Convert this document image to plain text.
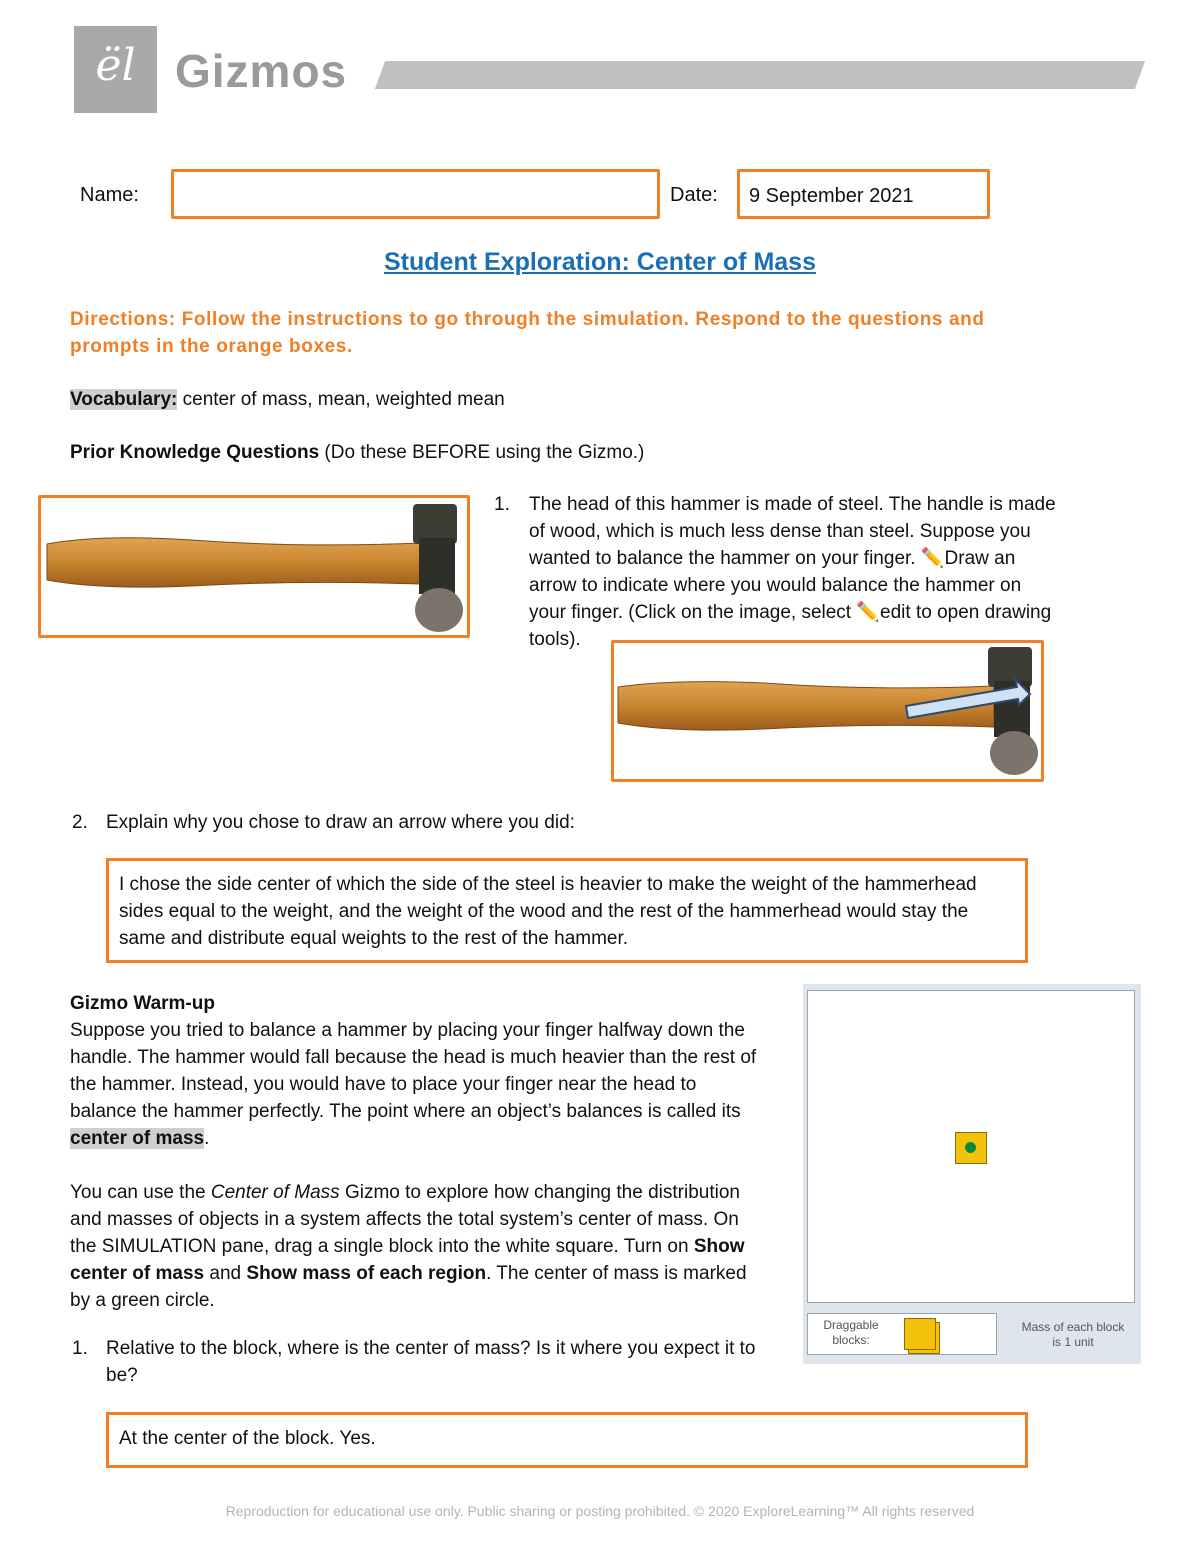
ël Gizmos
Name:	Date: 9 September 2021
Student Exploration: Center of Mass
Directions: Follow the instructions to go through the simulation. Respond to the questions and prompts in the orange boxes.
Vocabulary: center of mass, mean, weighted mean
Prior Knowledge Questions (Do these BEFORE using the Gizmo.)
1. The head of this hammer is made of steel. The handle is made
of wood, which is much less dense than steel. Suppose you
wanted to balance the hammer on your finger. ✏️Draw an
arrow to indicate where you would balance the hammer on
your finger. (Click on the image, select ✏️edit to open drawing
tools).
2. Explain why you chose to draw an arrow where you did:
I chose the side center of which the side of the steel is heavier to make the weight of the hammerhead sides equal to the weight, and the weight of the wood and the rest of the hammerhead would stay the same and distribute equal weights to the rest of the hammer.
Gizmo Warm-up
Suppose you tried to balance a hammer by placing your finger halfway down the handle. The hammer would fall because the head is much heavier than the rest of the hammer. Instead, you would have to place your finger near the head to balance the hammer perfectly. The point where an object’s balances is called its center of mass.
You can use the Center of Mass Gizmo to explore how changing the distribution and masses of objects in a system affects the total system’s center of mass. On the SIMULATION pane, drag a single block into the white square. Turn on Show center of mass and Show mass of each region. The center of mass is marked by a green circle.
Draggable blocks:
Mass of each block is 1 unit
1. Relative to the block, where is the center of mass? Is it where you expect it to be?
At the center of the block. Yes.
Reproduction for educational use only. Public sharing or posting prohibited. © 2020 ExploreLearning™ All rights reserved
